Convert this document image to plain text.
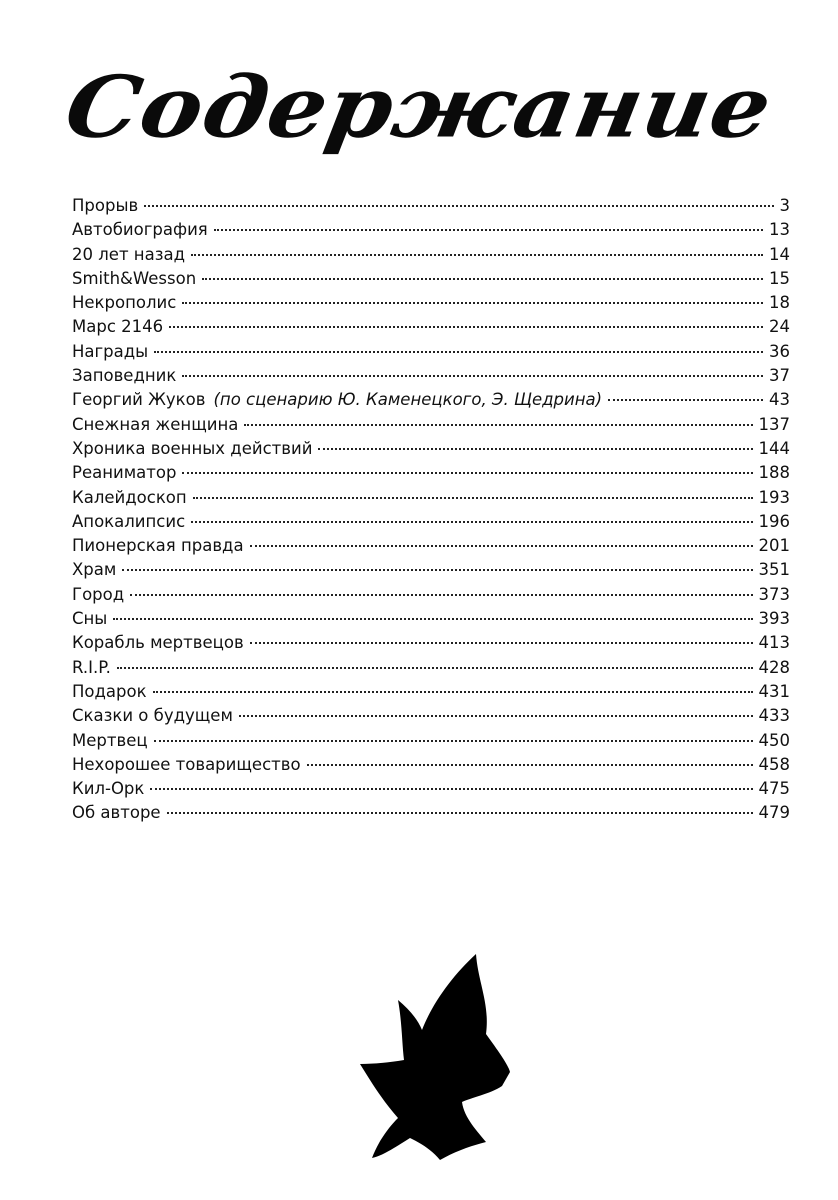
Содержание
Прорыв	3
Автобиография	13
20 лет назад	14
Smith&Wesson	15
Некрополис	18
Марс 2146	24
Награды	36
Заповедник	37
Георгий Жуков (по сценарию Ю. Каменецкого, Э. Щедрина)	43
Снежная женщина	137
Хроника военных действий	144
Реаниматор	188
Калейдоскоп	193
Апокалипсис	196
Пионерская правда	201
Храм	351
Город	373
Сны	393
Корабль мертвецов	413
R.I.P.	428
Подарок	431
Сказки о будущем	433
Мертвец	450
Нехорошее товарищество	458
Кил-Орк	475
Об авторе	479
